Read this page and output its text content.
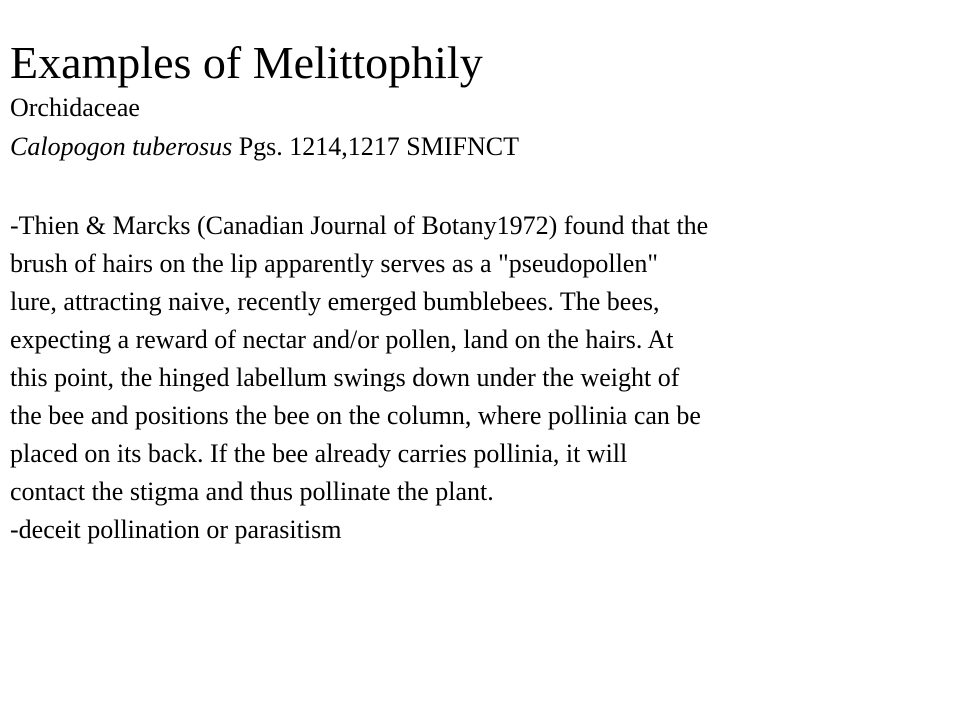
Examples of Melittophily
Orchidaceae
Calopogon tuberosus Pgs. 1214,1217 SMIFNCT
-Thien & Marcks (Canadian Journal of Botany1972) found that the
brush of hairs on the lip apparently serves as a "pseudopollen"
lure, attracting naive, recently emerged bumblebees. The bees,
expecting a reward of nectar and/or pollen, land on the hairs. At
this point, the hinged labellum swings down under the weight of
the bee and positions the bee on the column, where pollinia can be
placed on its back. If the bee already carries pollinia, it will
contact the stigma and thus pollinate the plant.
-deceit pollination or parasitism
